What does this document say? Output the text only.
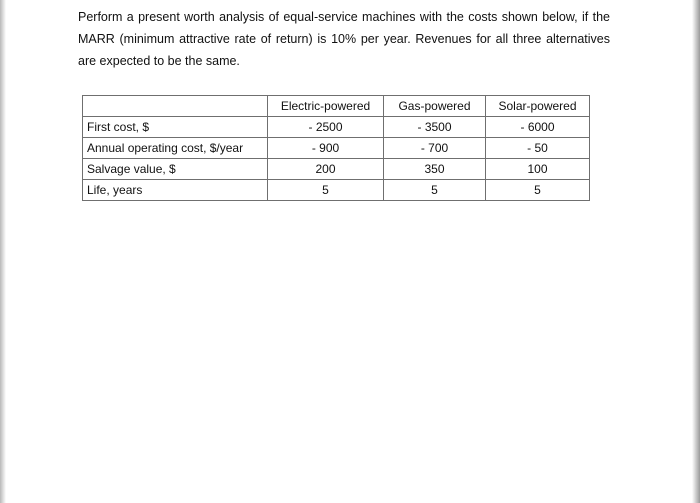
Perform a present worth analysis of equal-service machines with the costs shown below, if the MARR (minimum attractive rate of return) is 10% per year. Revenues for all three alternatives are expected to be the same.

	Electric-powered	Gas-powered	Solar-powered
First cost, $	- 2500	- 3500	- 6000
Annual operating cost, $/year	- 900	- 700	- 50
Salvage value, $	200	350	100
Life, years	5	5	5
